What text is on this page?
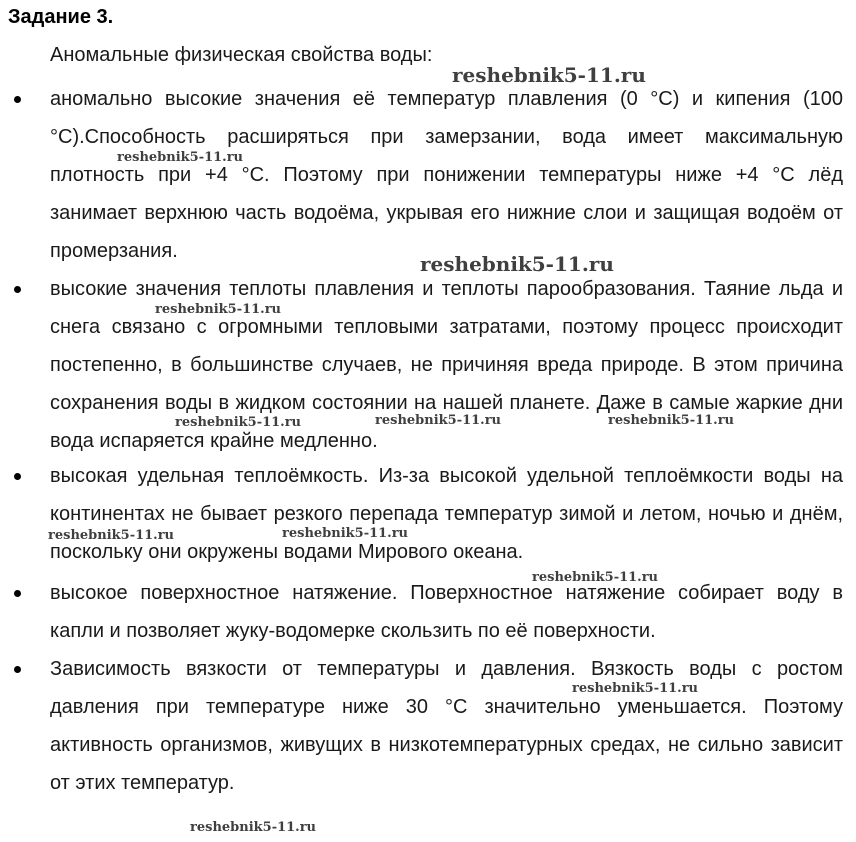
Задание 3.

Аномальные физическая свойства воды:

аномально высокие значения её температур плавления (0 °С) и кипения (100 °С).Способность расширяться при замерзании, вода имеет максимальную плотность при +4 °С. Поэтому при понижении температуры ниже +4 °С лёд занимает верхнюю часть водоёма, укрывая его нижние слои и защищая водоём от промерзания.
высокие значения теплоты плавления и теплоты парообразования. Таяние льда и снега связано с огромными тепловыми затратами, поэтому процесс происходит постепенно, в большинстве случаев, не причиняя вреда природе. В этом причина сохранения воды в жидком состоянии на нашей планете. Даже в самые жаркие дни вода испаряется крайне медленно.
высокая удельная теплоёмкость. Из-за высокой удельной теплоёмкости воды на континентах не бывает резкого перепада температур зимой и летом, ночью и днём, поскольку они окружены водами Мирового океана.
высокое поверхностное натяжение. Поверхностное натяжение собирает воду в капли и позволяет жуку-водомерке скользить по её поверхности.
Зависимость вязкости от температуры и давления. Вязкость воды с ростом давления при температуре ниже 30 °С значительно уменьшается. Поэтому активность организмов, живущих в низкотемпературных средах, не сильно зависит от этих температур.
reshebnik5-11.ru
reshebnik5-11.ru
reshebnik5-11.ru
reshebnik5-11.ru
reshebnik5-11.ru	reshebnik5-11.ru	reshebnik5-11.ru
reshebnik5-11.ru	reshebnik5-11.ru
reshebnik5-11.ru
reshebnik5-11.ru
reshebnik5-11.ru
